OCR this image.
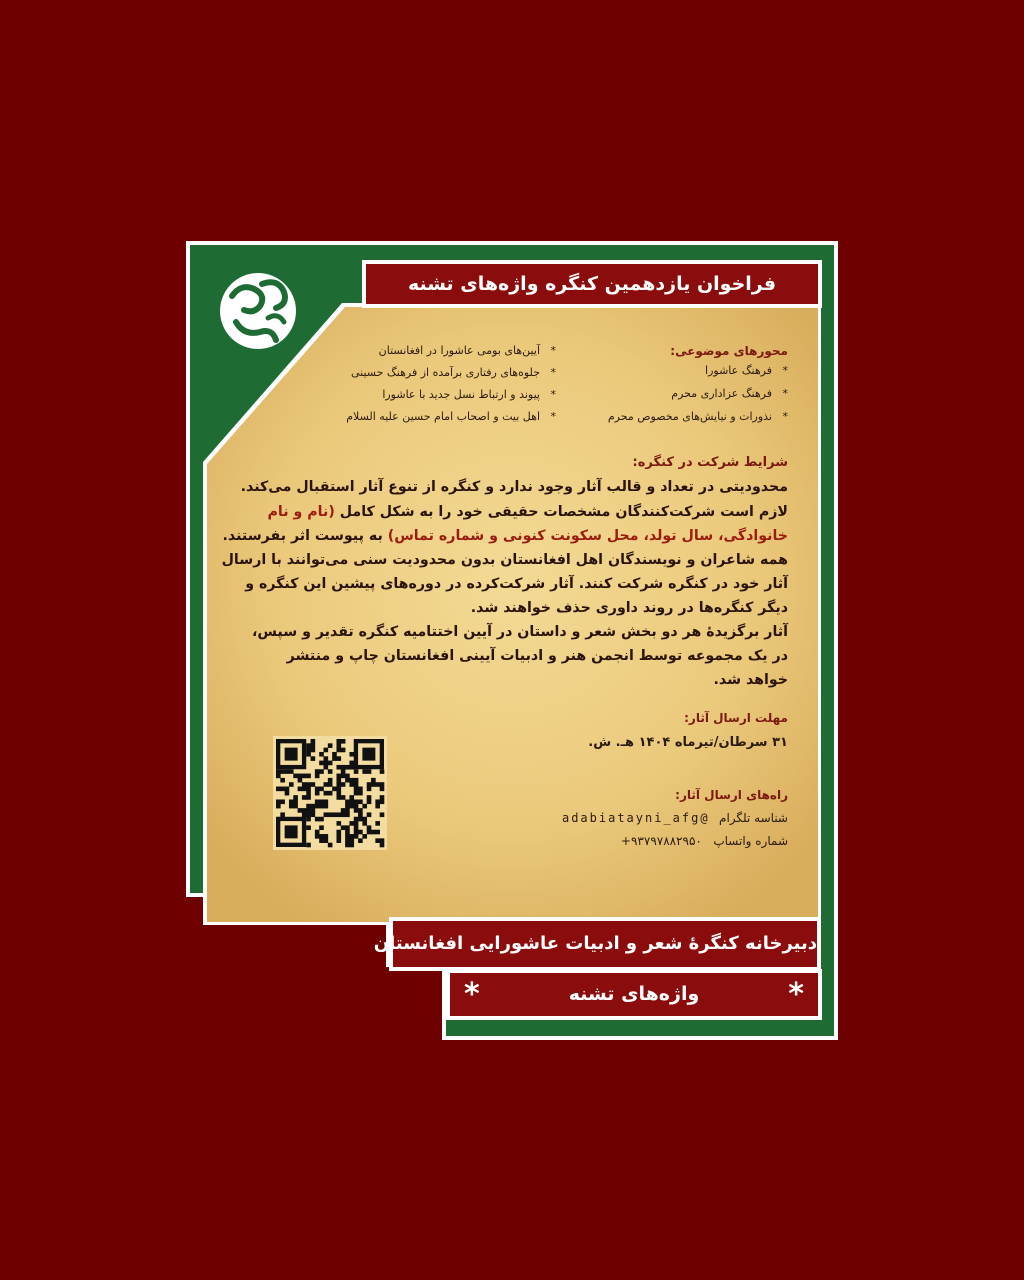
فراخوان یازدهمین کنگره واژه‌های تشنه
محورهای موضوعی:
*   فرهنگ عاشورا
*   فرهنگ عزاداری محرم
*   نذورات و نیایش‌های مخصوص محرم
*   آیین‌های بومی عاشورا در افغانستان
*   جلوه‌های رفتاری برآمده از فرهنگ حسینی
*   پیوند و ارتباط نسل جدید با عاشورا
*   اهل بیت و اصحاب امام حسین علیه السلام
شرایط شرکت در کنگره:
محدودیتی در تعداد و قالب آثار وجود ندارد و کنگره از تنوع آثار استقبال می‌کند.
لازم است شرکت‌کنندگان مشخصات حقیقی خود را به شکل کامل (نام و نام
خانوادگی، سال تولد، محل سکونت کنونی و شماره تماس) به پیوست اثر بفرستند.
همه شاعران و نویسندگان اهل افغانستان بدون محدودیت سنی می‌توانند با ارسال
آثار خود در کنگره شرکت کنند. آثار شرکت‌کرده در دوره‌های پیشین این کنگره و
دیگر کنگره‌ها در روند داوری حذف خواهند شد.
آثار برگزیدهٔ هر دو بخش شعر و داستان در آیین اختتامیه کنگره تقدیر و سپس،
در یک مجموعه توسط انجمن هنر و ادبیات آیینی افغانستان چاپ و منتشر
خواهد شد.
مهلت ارسال آثار:
۳۱ سرطان/تیرماه ۱۴۰۴ هـ. ش.
راه‌های ارسال آثار:
شناسه تلگرام   @adabiatayni_afg
شماره واتساپ   +۹۳۷۹۷۸۸۲۹۵۰
دبیرخانه کنگرهٔ شعر و ادبیات عاشورایی افغانستان
*
واژه‌های تشنه
*
